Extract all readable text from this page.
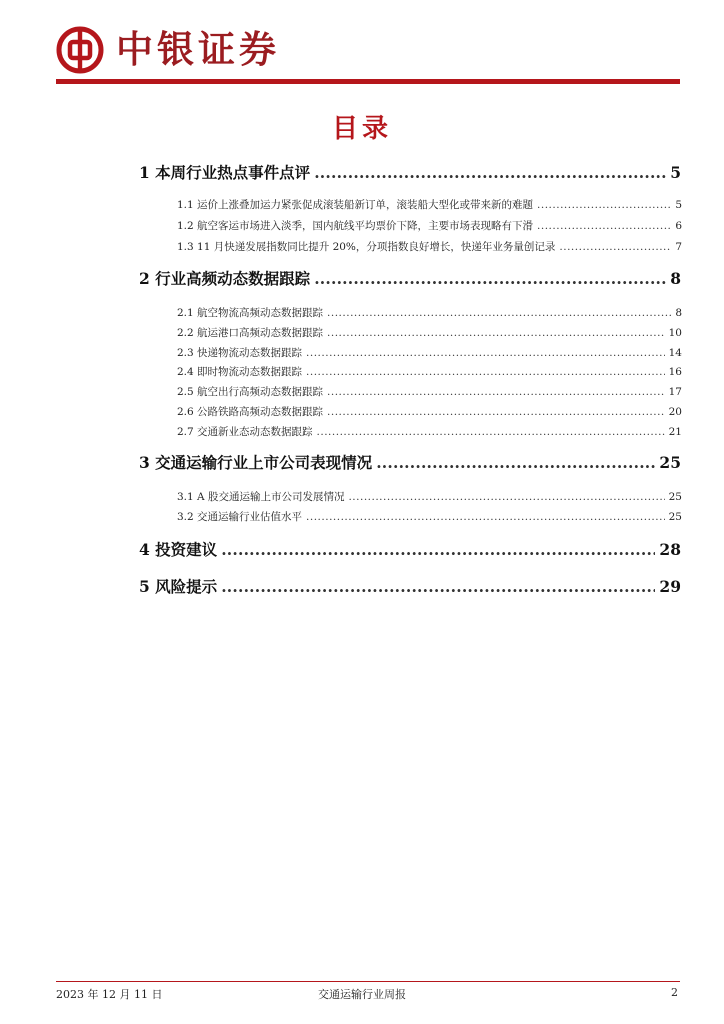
中银证券
目录
1 本周行业热点事件点评 .....	5
1.1 运价上涨叠加运力紧张促成滚装船新订单，滚装船大型化或带来新的难题 .....	5
1.2 航空客运市场进入淡季，国内航线平均票价下降，主要市场表现略有下滑 .....	6
1.3 11 月快递发展指数同比提升 20%，分项指数良好增长，快递年业务量创记录 .....	7
2 行业高频动态数据跟踪 .....	8
2.1 航空物流高频动态数据跟踪 .....	8
2.2 航运港口高频动态数据跟踪 .....	10
2.3 快递物流动态数据跟踪 .....	14
2.4 即时物流动态数据跟踪 .....	16
2.5 航空出行高频动态数据跟踪 .....	17
2.6 公路铁路高频动态数据跟踪 .....	20
2.7 交通新业态动态数据跟踪 .....	21
3 交通运输行业上市公司表现情况 .....	25
3.1 A 股交通运输上市公司发展情况 .....	25
3.2 交通运输行业估值水平 .....	25
4 投资建议 .....	28
5 风险提示 .....	29
2023 年 12 月 11 日	交通运输行业周报	2
